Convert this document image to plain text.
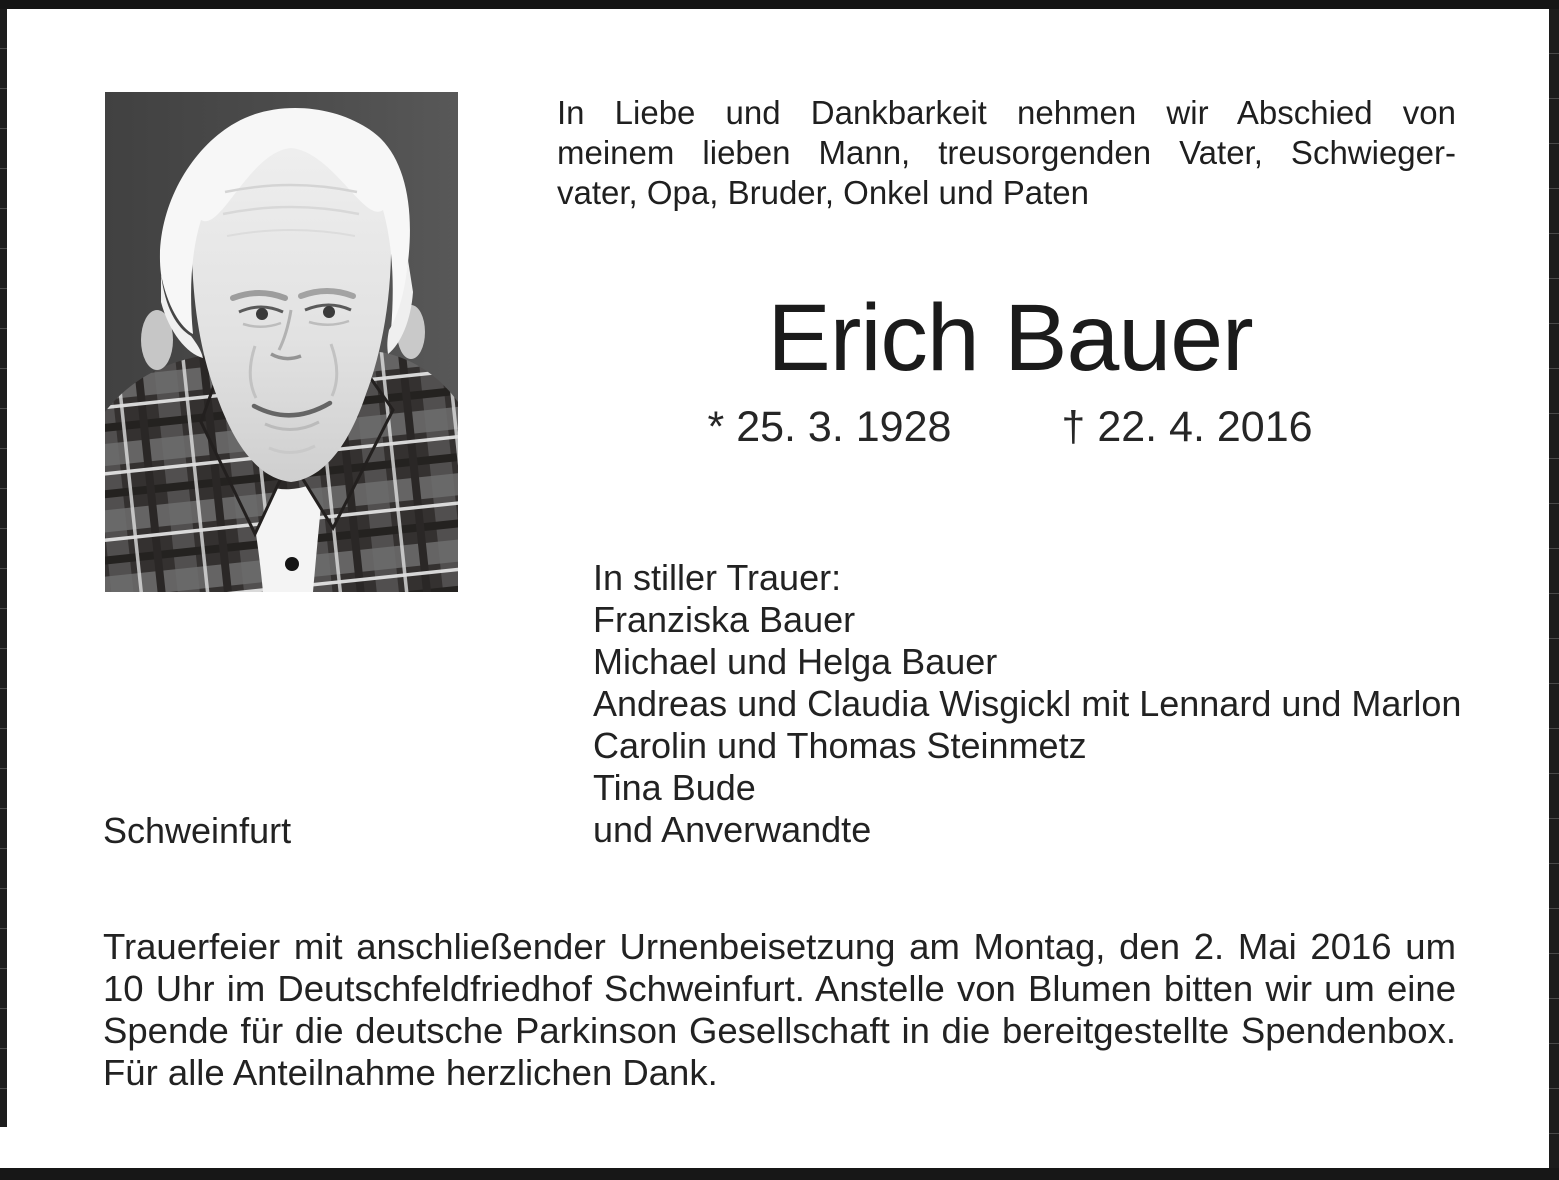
In Liebe und Dankbarkeit nehmen wir Abschied von
meinem lieben Mann, treusorgenden Vater, Schwieger-
vater, Opa, Bruder, Onkel und Paten
Erich Bauer
* 25. 3. 1928	† 22. 4. 2016
In stiller Trauer:
Franziska Bauer
Michael und Helga Bauer
Andreas und Claudia Wisgickl mit Lennard und Marlon
Carolin und Thomas Steinmetz
Tina Bude
und Anverwandte
Schweinfurt
Trauerfeier mit anschließender Urnenbeisetzung am Montag, den 2. Mai 2016 um
10 Uhr im Deutschfeldfriedhof Schweinfurt. Anstelle von Blumen bitten wir um eine
Spende für die deutsche Parkinson Gesellschaft in die bereitgestellte Spendenbox.
Für alle Anteilnahme herzlichen Dank.
